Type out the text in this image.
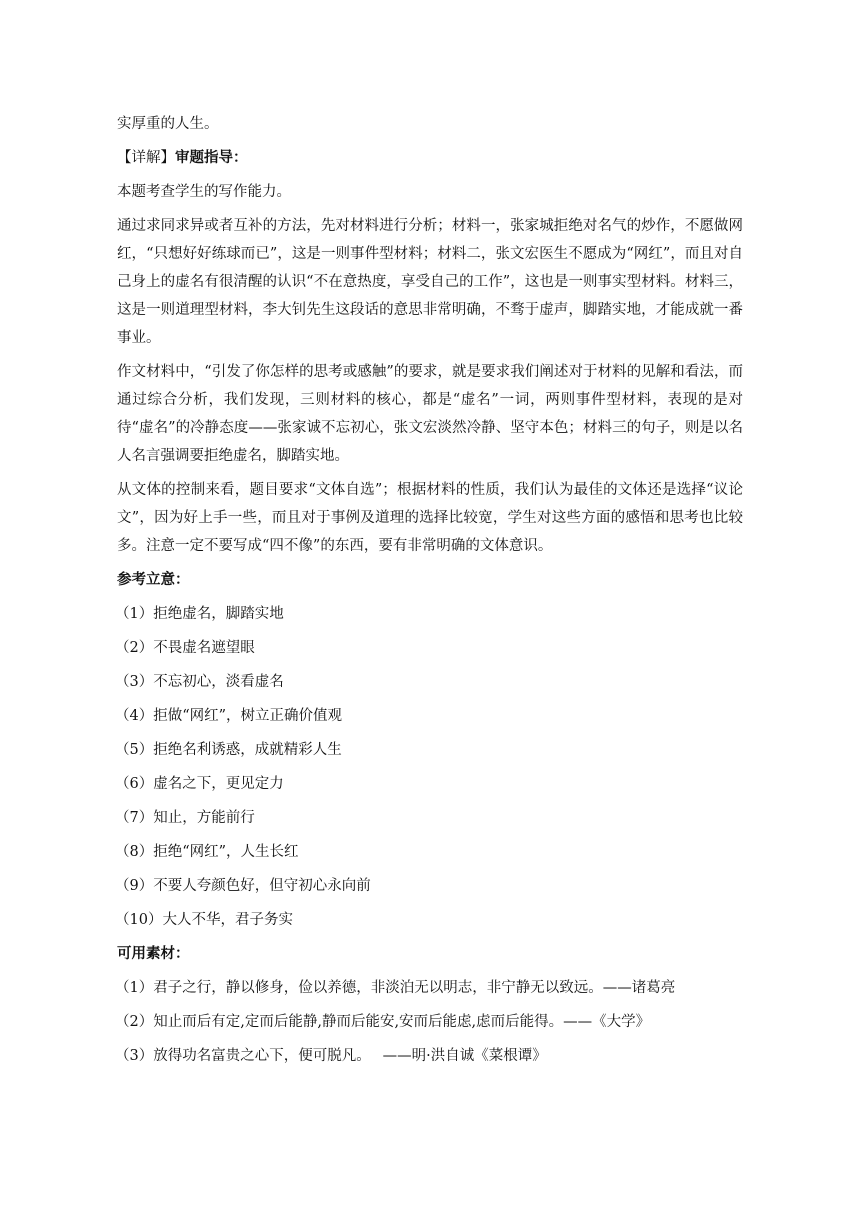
实厚重的人生。

【详解】审题指导：

本题考查学生的写作能力。

通过求同求异或者互补的方法，先对材料进行分析；材料一，张家城拒绝对名气的炒作，不愿做网红，“只想好好练球而已”，这是一则事件型材料；材料二，张文宏医生不愿成为“网红”，而且对自己身上的虚名有很清醒的认识“不在意热度，享受自己的工作”，这也是一则事实型材料。材料三，这是一则道理型材料，李大钊先生这段话的意思非常明确，不骛于虚声，脚踏实地，才能成就一番事业。

作文材料中，“引发了你怎样的思考或感触”的要求，就是要求我们阐述对于材料的见解和看法，而通过综合分析，我们发现，三则材料的核心，都是“虚名”一词，两则事件型材料，表现的是对待“虚名”的冷静态度——张家诚不忘初心，张文宏淡然冷静、坚守本色；材料三的句子，则是以名人名言强调要拒绝虚名，脚踏实地。

从文体的控制来看，题目要求“文体自选”；根据材料的性质，我们认为最佳的文体还是选择“议论文”，因为好上手一些，而且对于事例及道理的选择比较宽，学生对这些方面的感悟和思考也比较多。注意一定不要写成“四不像”的东西，要有非常明确的文体意识。

参考立意：

（1）拒绝虚名，脚踏实地

（2）不畏虚名遮望眼

（3）不忘初心，淡看虚名

（4）拒做“网红”，树立正确价值观

（5）拒绝名利诱惑，成就精彩人生

（6）虚名之下，更见定力

（7）知止，方能前行

（8）拒绝“网红”，人生长红

（9）不要人夸颜色好，但守初心永向前

（10）大人不华，君子务实

可用素材：

（1）君子之行，静以修身，俭以养德，非淡泊无以明志，非宁静无以致远。——诸葛亮

（2）知止而后有定,定而后能静,静而后能安,安而后能虑,虑而后能得。——《大学》

（3）放得功名富贵之心下，便可脱凡。　 ——明·洪自诚《菜根谭》
